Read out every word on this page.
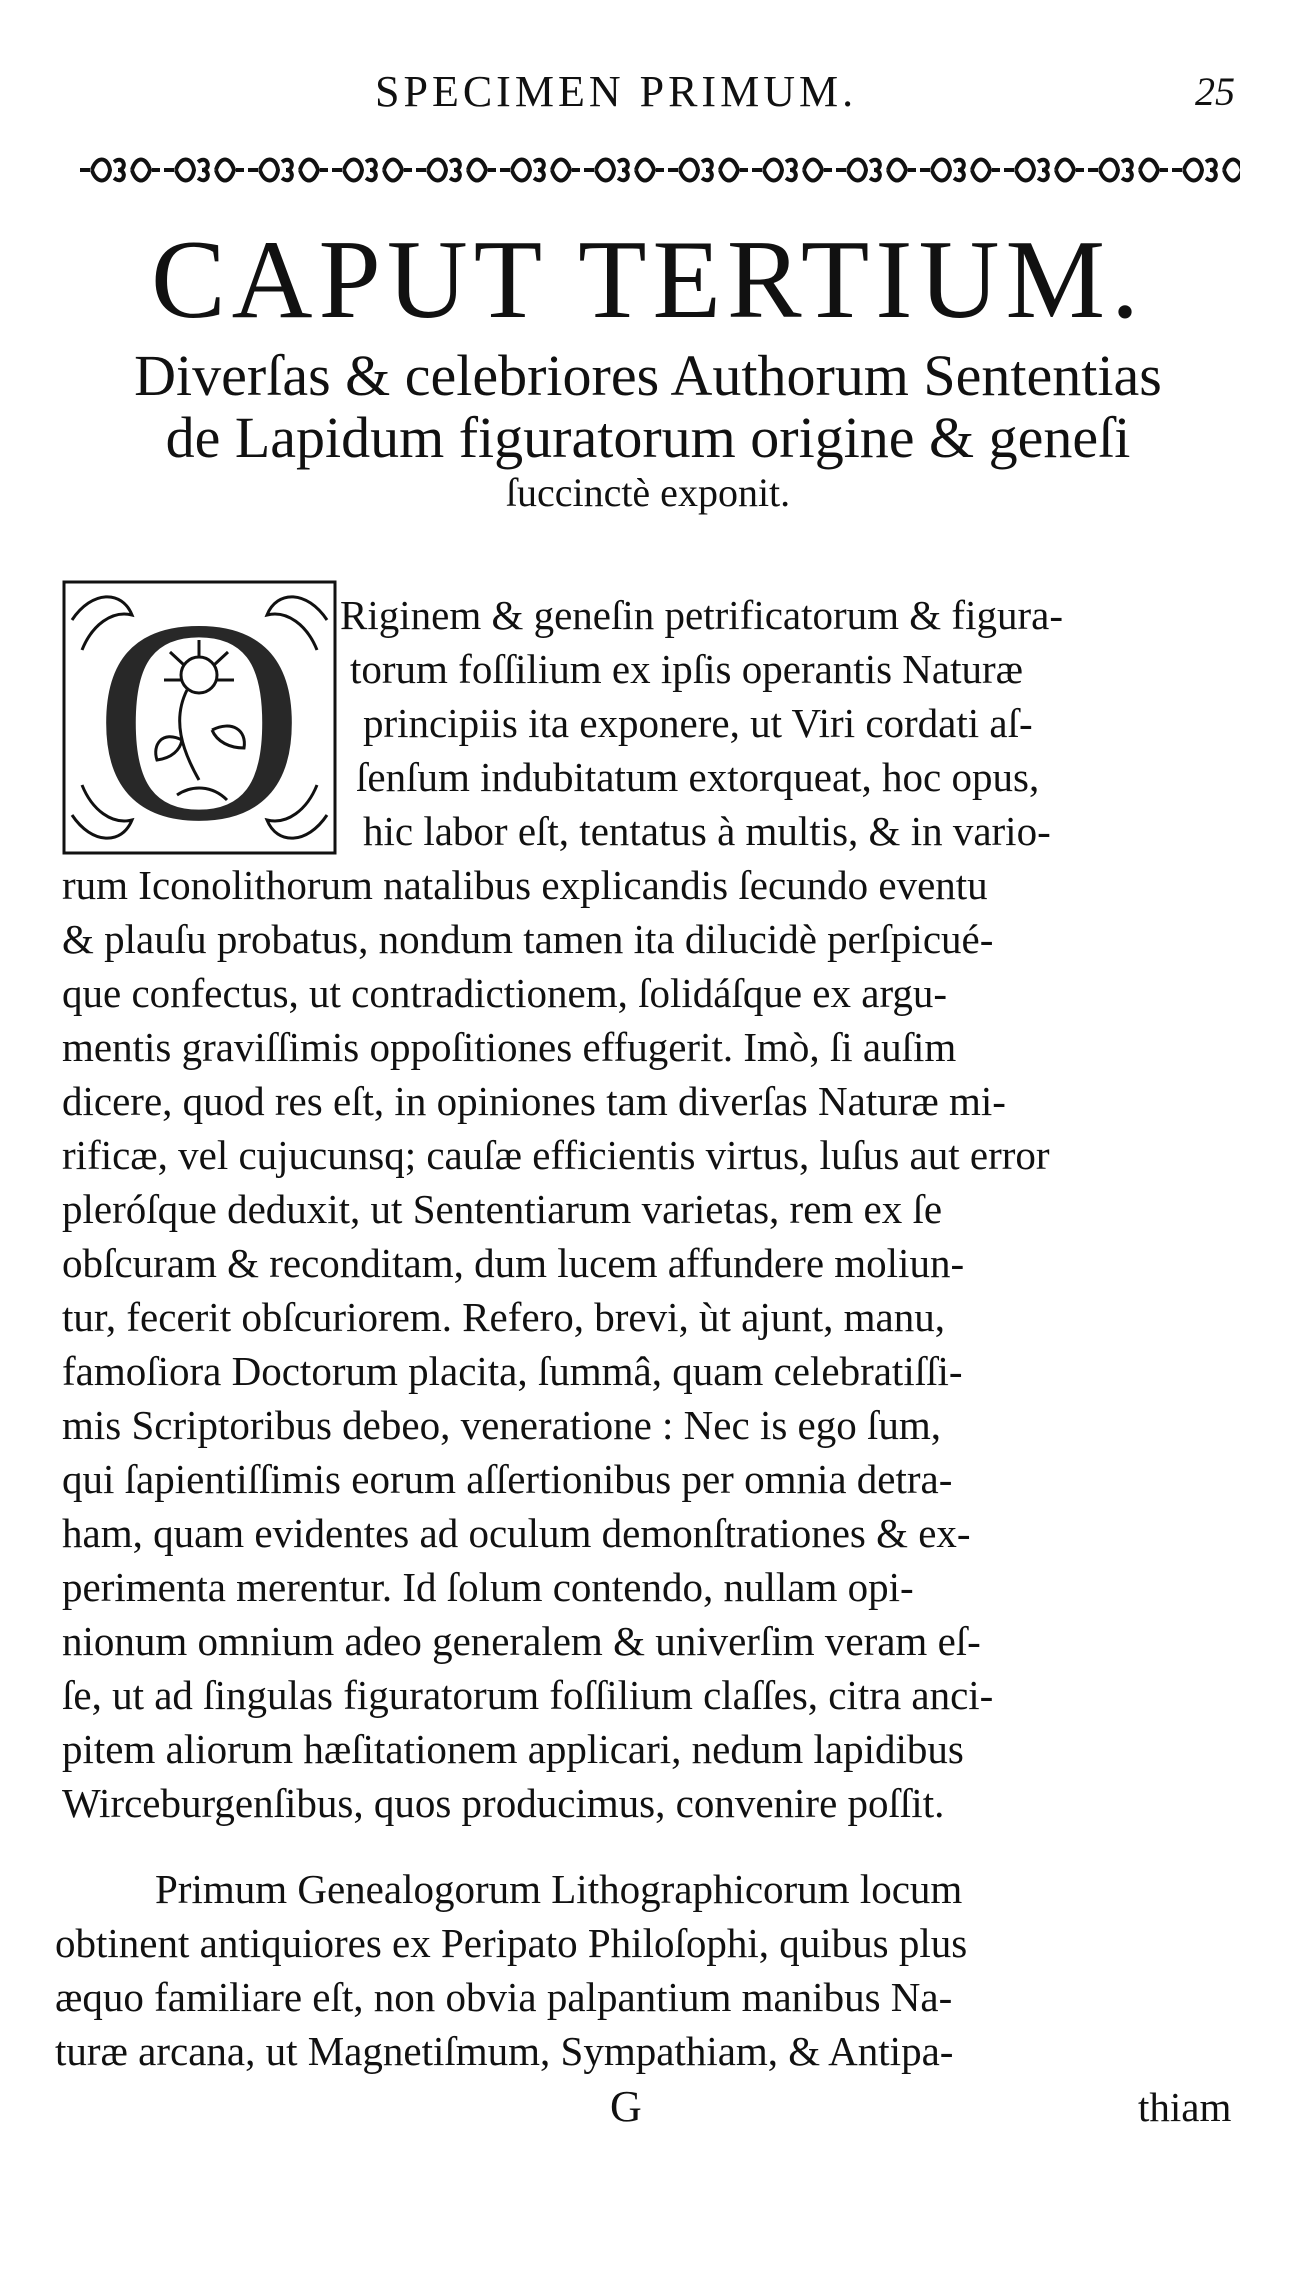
SPECIMEN PRIMUM.	25
CAPUT TERTIUM.
Diverſas & celebriores Authorum Sententias
de Lapidum figuratorum origine & geneſi
ſuccinctè exponit.
O Riginem & geneſin petrificatorum & figura-
torum foſſilium ex ipſis operantis Naturæ
principiis ita exponere, ut Viri cordati aſ-
ſenſum indubitatum extorqueat, hoc opus,
hic labor eſt, tentatus à multis, & in vario-
rum Iconolithorum natalibus explicandis ſecundo eventu
& plauſu probatus, nondum tamen ita dilucidè perſpicué-
que confectus, ut contradictionem, ſolidáſque ex argu-
mentis graviſſimis oppoſitiones effugerit. Imò, ſi auſim
dicere, quod res eſt, in opiniones tam diverſas Naturæ mi-
rificæ, vel cujucunsq; cauſæ efficientis virtus, luſus aut error
pleróſque deduxit, ut Sententiarum varietas, rem ex ſe
obſcuram & reconditam, dum lucem affundere moliun-
tur, fecerit obſcuriorem. Refero, brevi, ùt ajunt, manu,
famoſiora Doctorum placita, ſummâ, quam celebratiſſi-
mis Scriptoribus debeo, veneratione : Nec is ego ſum,
qui ſapientiſſimis eorum aſſertionibus per omnia detra-
ham, quam evidentes ad oculum demonſtrationes & ex-
perimenta merentur. Id ſolum contendo, nullam opi-
nionum omnium adeo generalem & univerſim veram eſ-
ſe, ut ad ſingulas figuratorum foſſilium claſſes, citra anci-
pitem aliorum hæſitationem applicari, nedum lapidibus
Wirceburgenſibus, quos producimus, convenire poſſit.
Primum Genealogorum Lithographicorum locum
obtinent antiquiores ex Peripato Philoſophi, quibus plus
æquo familiare eſt, non obvia palpantium manibus Na-
turæ arcana, ut Magnetiſmum, Sympathiam, & Antipa-
G	thiam
